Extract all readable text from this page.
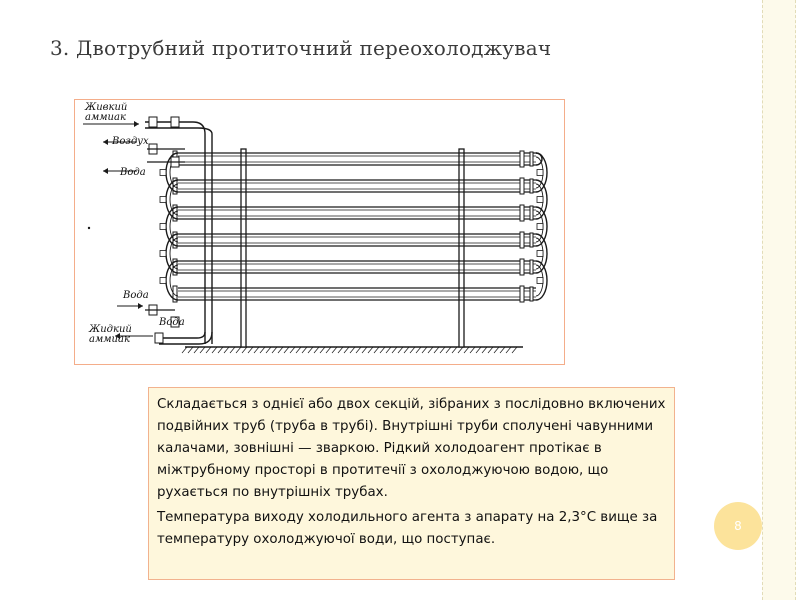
8
3. Двотрубний протиточний переохолоджувач
Живкий
аммиак
Воздух
Вода
Вода
Вода
Жидкий
аммиак

Складається з однієї або двох секцій, зібраних з послідовно включених подвійних труб (труба в трубі). Внутрішні труби сполучені чавунними калачами, зовнішні — зваркою. Рідкий холодоагент протікає в міжтрубному просторі в протитечії з охолоджуючою водою, що рухається по внутрішніх трубах.

Температура виходу холодильного агента з апарату на 2,3°С вище за температуру охолоджуючої води, що поступає.
